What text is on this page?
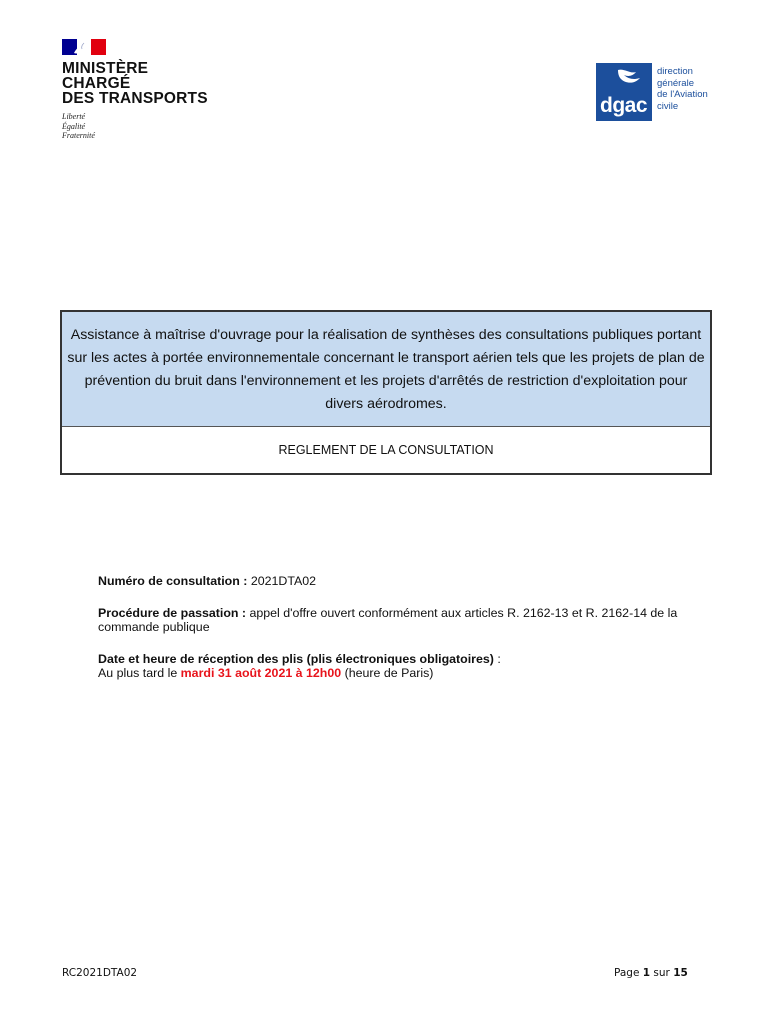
MINISTÈRE
CHARGÉ
DES TRANSPORTS
Liberté
Égalité
Fraternité
dgac
direction
générale
de l'Aviation
civile
Assistance à maîtrise d'ouvrage pour la réalisation de synthèses des consultations publiques portant
sur les actes à portée environnementale concernant le transport aérien tels que les projets de plan de
prévention du bruit dans l'environnement et les projets d'arrêtés de restriction d'exploitation pour
divers aérodromes.
REGLEMENT DE LA CONSULTATION

Numéro de consultation : 2021DTA02

Procédure de passation : appel d'offre ouvert conformément aux articles R. 2162-13 et R. 2162-14 de la commande publique

Date et heure de réception des plis (plis électroniques obligatoires) :
Au plus tard le mardi 31 août 2021 à 12h00 (heure de Paris)

RC2021DTA02	Page 1 sur 15
